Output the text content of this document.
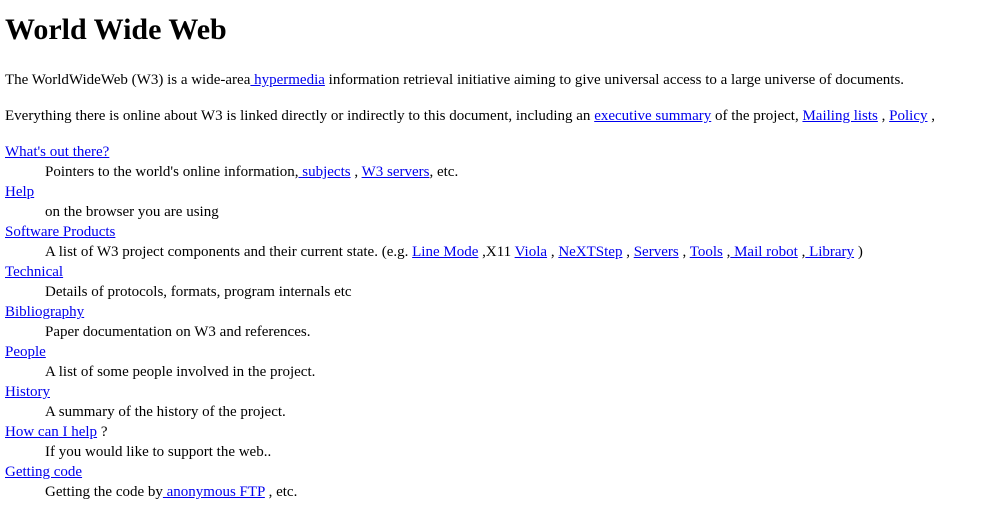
World Wide Web

The WorldWideWeb (W3) is a wide-area hypermedia information retrieval initiative aiming to give universal access to a large universe of documents.

Everything there is online about W3 is linked directly or indirectly to this document, including an executive summary of the project, Mailing lists , Policy ,

What's out there?
Pointers to the world's online information, subjects , W3 servers, etc.
Help
on the browser you are using
Software Products
A list of W3 project components and their current state. (e.g. Line Mode ,X11 Viola , NeXTStep , Servers , Tools , Mail robot , Library )
Technical
Details of protocols, formats, program internals etc
Bibliography
Paper documentation on W3 and references.
People
A list of some people involved in the project.
History
A summary of the history of the project.
How can I help ?
If you would like to support the web..
Getting code
Getting the code by anonymous FTP , etc.
